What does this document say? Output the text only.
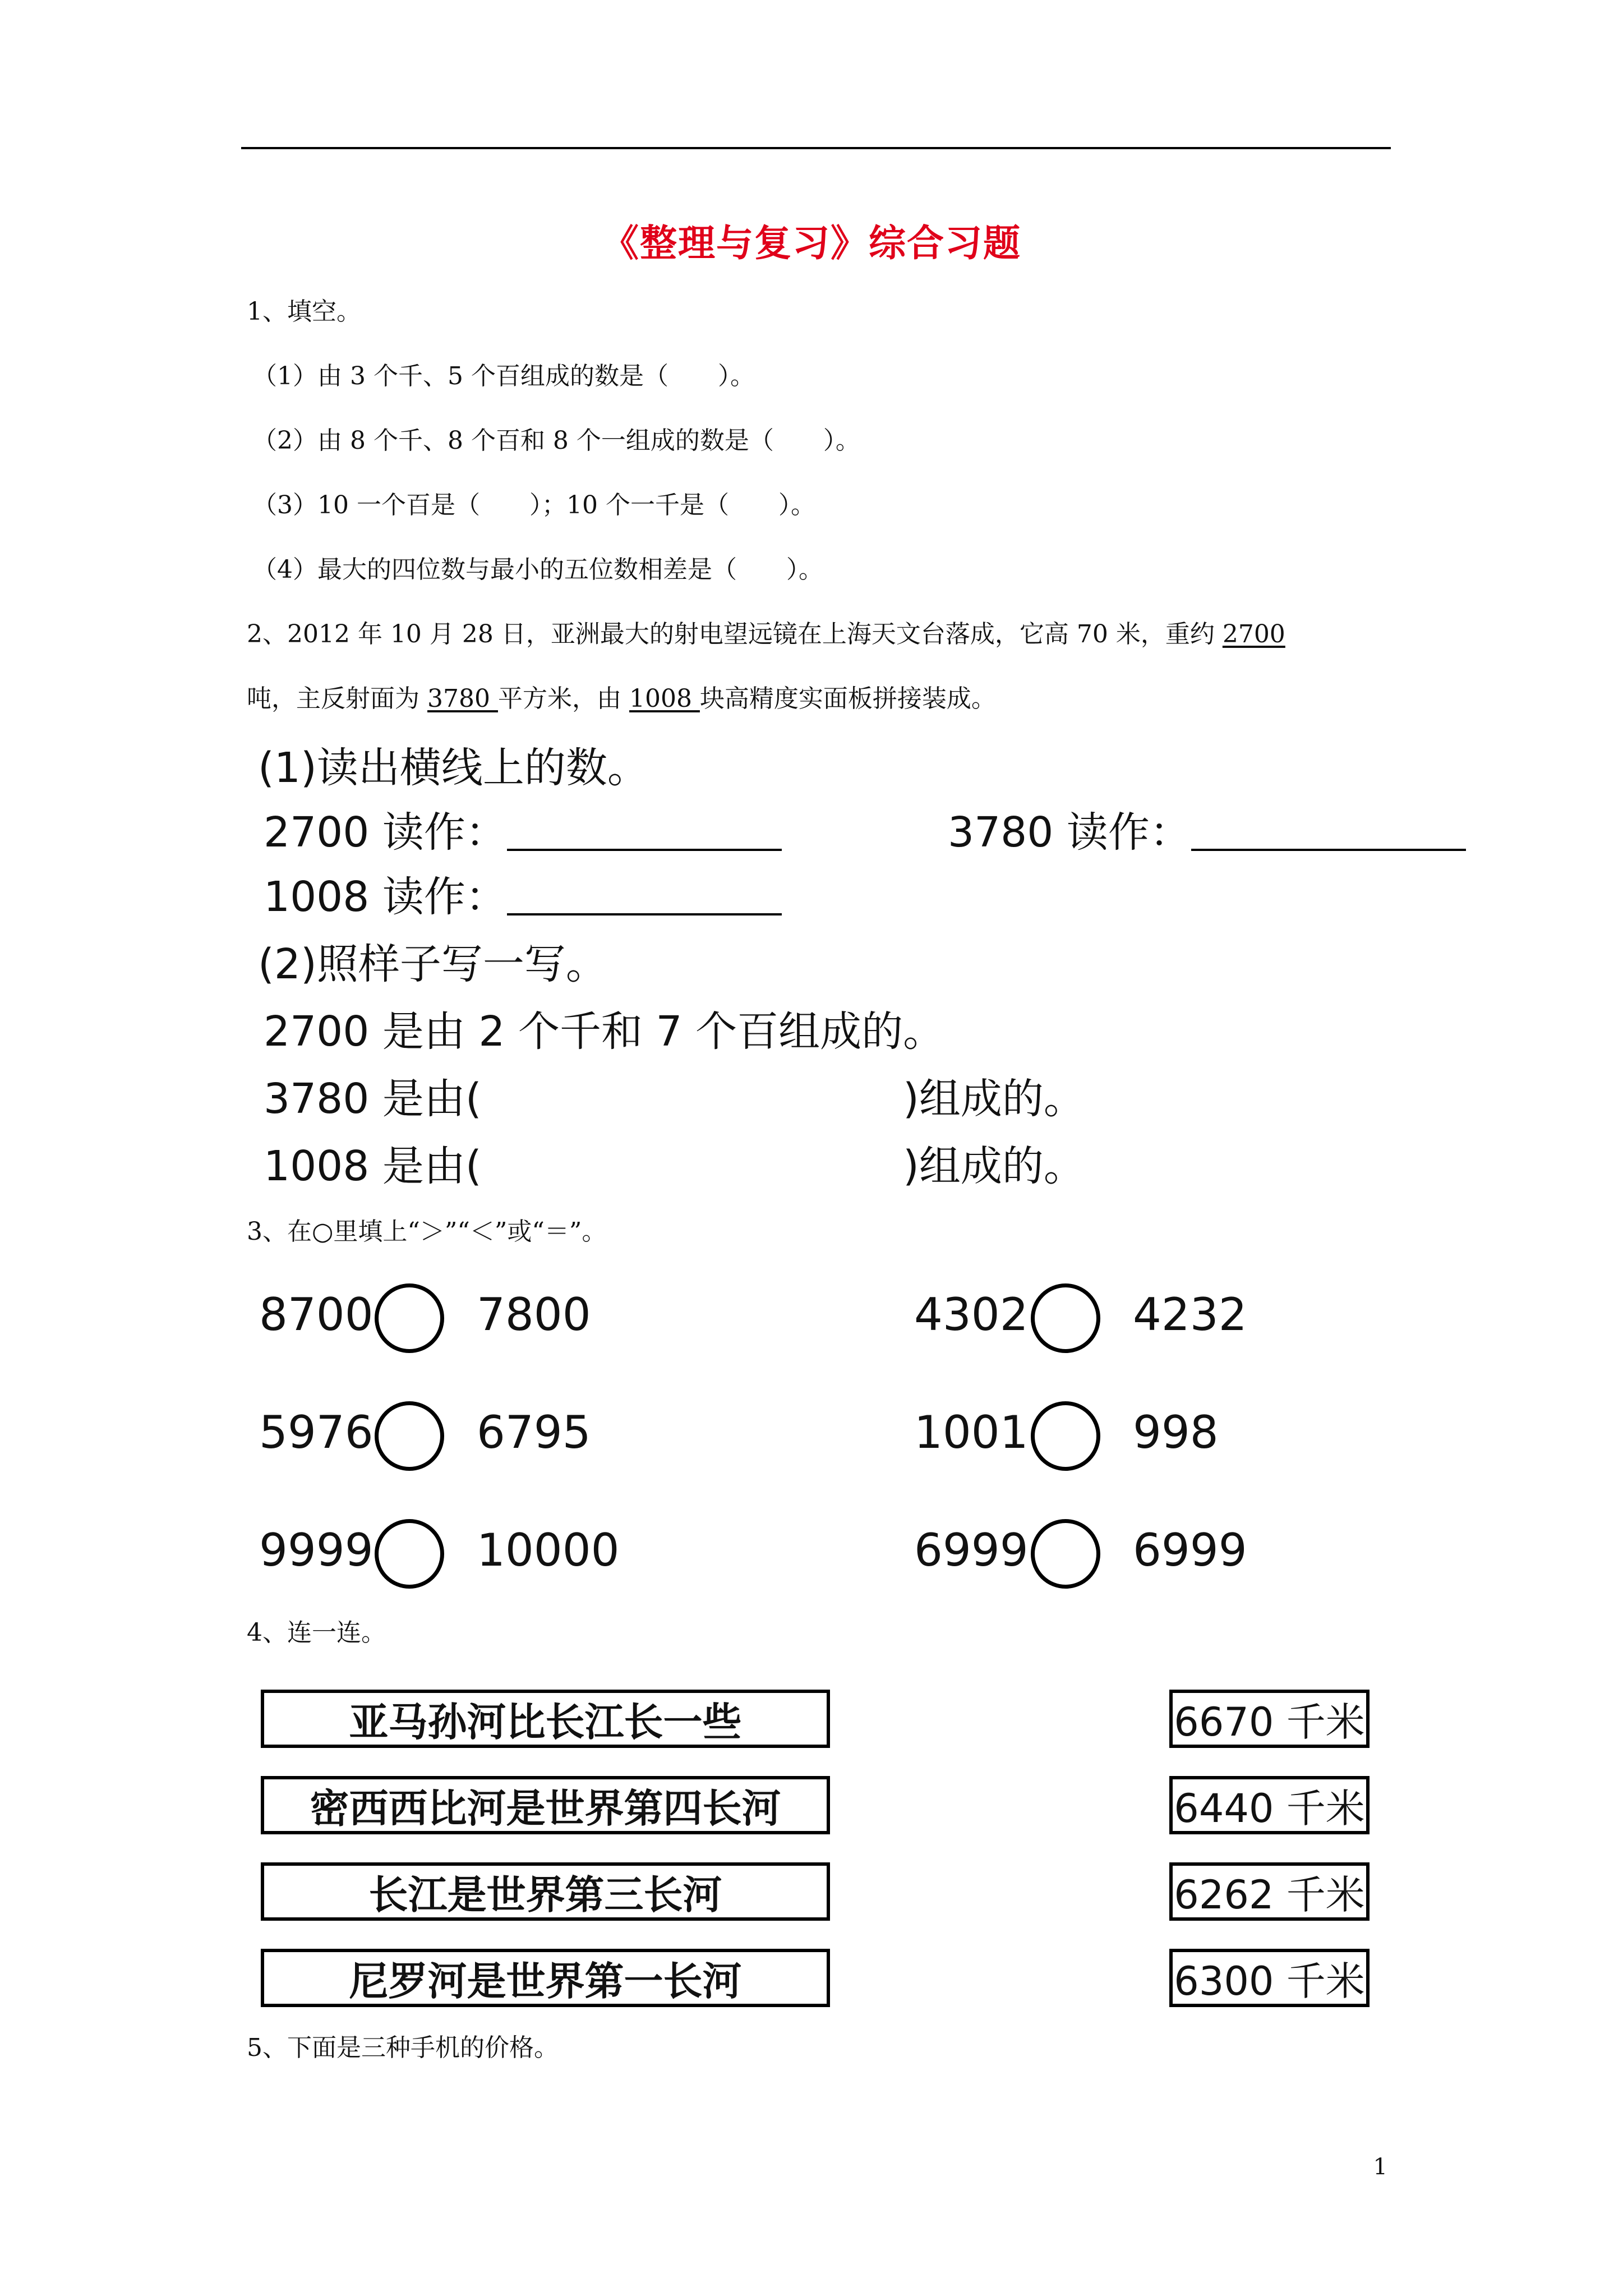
《整理与复习》综合习题
1、填空。
（1）由 3 个千、5 个百组成的数是（　　）。
（2）由 8 个千、8 个百和 8 个一组成的数是（　　）。
（3）10 一个百是（　　）；10 个一千是（　　）。
（4）最大的四位数与最小的五位数相差是（　　）。
2、2012 年 10 月 28 日，亚洲最大的射电望远镜在上海天文台落成，它高 70 米，重约 2700
吨，主反射面为 3780 平方米，由 1008 块高精度实面板拼接装成。
(1)读出横线上的数。
2700 读作：	3780 读作：
1008 读作：
(2)照样子写一写。
2700 是由 2 个千和 7 个百组成的。
3780 是由(	)组成的。
1008 是由(	)组成的。
3、在○里填上“＞”“＜”或“＝”。
8700 7800	4302 4232
5976 6795	1001 998
9999 10000	6999 6999
4、连一连。
亚马孙河比长江长一些
密西西比河是世界第四长河
长江是世界第三长河
尼罗河是世界第一长河
6670 千米
6440 千米
6262 千米
6300 千米
5、下面是三种手机的价格。
1
